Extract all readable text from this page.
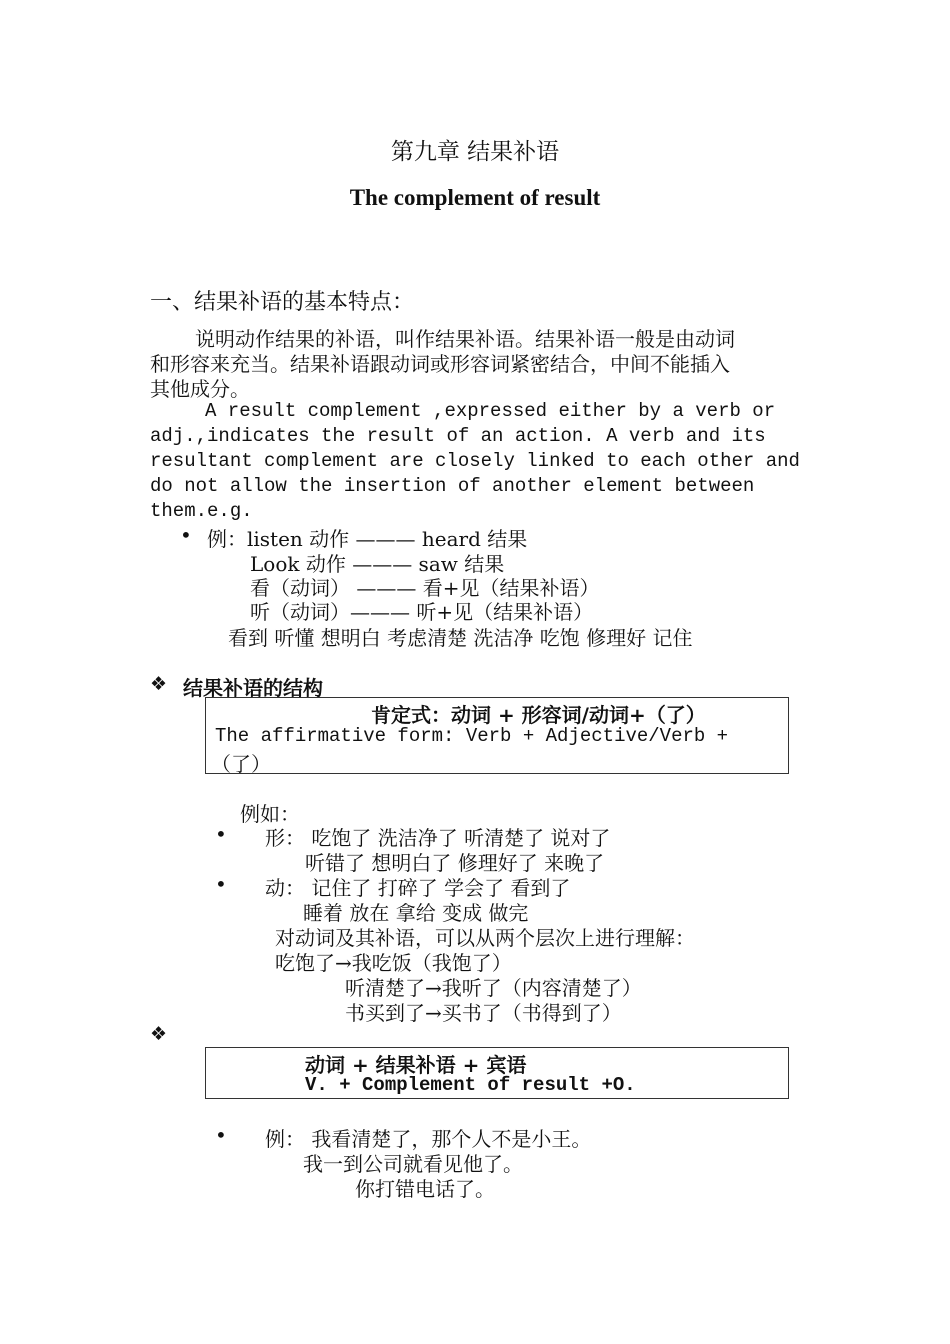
第九章 结果补语
The complement of result
一、结果补语的基本特点：
说明动作结果的补语，叫作结果补语。结果补语一般是由动词
和形容来充当。结果补语跟动词或形容词紧密结合，中间不能插入
其他成分。
A result complement ,expressed either by a verb or
adj.,indicates the result of an action. A verb and its
resultant complement are closely linked to each other and
do not allow the insertion of another element between
them.e.g.
• 例：listen 动作 ——— heard 结果
Look 动作 ——— saw 结果
看（动词） ——— 看+见（结果补语）
听（动词）——— 听+见（结果补语）
看到 听懂 想明白 考虑清楚 洗洁净 吃饱 修理好 记住
❖ 结果补语的结构
肯定式：动词 + 形容词/动词+（了）
The affirmative form: Verb + Adjective/Verb +
（了）
例如：
• 形： 吃饱了 洗洁净了 听清楚了 说对了
听错了 想明白了 修理好了 来晚了
• 动： 记住了 打碎了 学会了 看到了
睡着 放在 拿给 变成 做完
对动词及其补语，可以从两个层次上进行理解：
吃饱了→我吃饭（我饱了）
听清楚了→我听了（内容清楚了）
书买到了→买书了（书得到了）
❖
动词 + 结果补语 + 宾语
V. + Complement of result +O.
• 例： 我看清楚了，那个人不是小王。
我一到公司就看见他了。
你打错电话了。
